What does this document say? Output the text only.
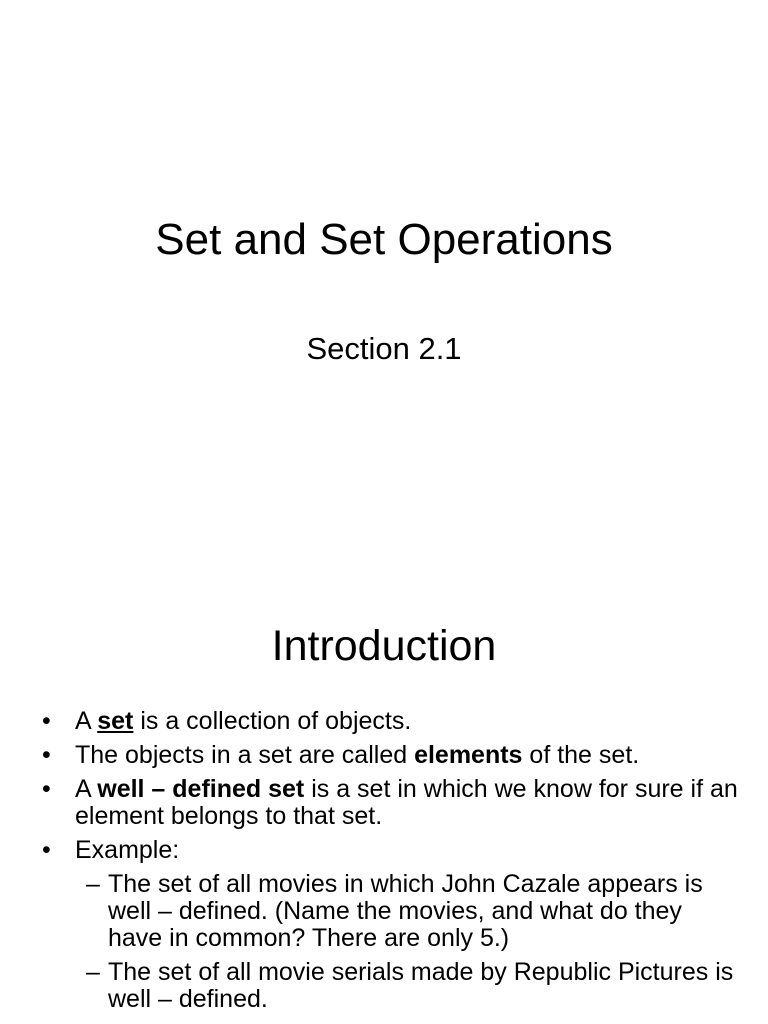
Set and Set Operations
Section 2.1
Introduction
• A set is a collection of objects.
• The objects in a set are called elements of the set.
• A well – defined set is a set in which we know for sure if an element belongs to that set.
• Example:
– The set of all movies in which John Cazale appears is well – defined. (Name the movies, and what do they have in common? There are only 5.)
– The set of all movie serials made by Republic Pictures is well – defined.
